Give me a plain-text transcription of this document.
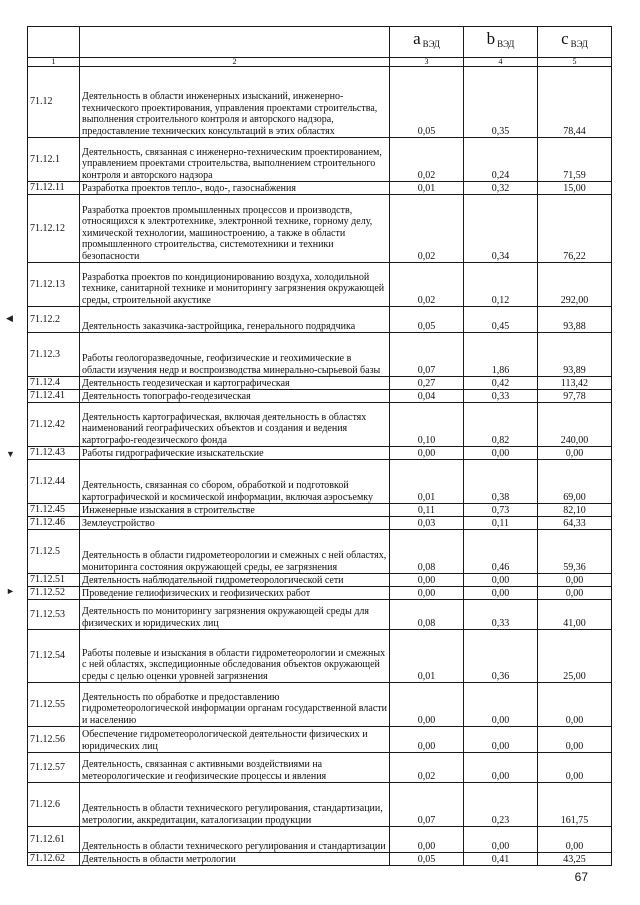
		a $_{ВЭД}$	b $_{ВЭД}$	c $_{ВЭД}$
1	2	3	4	5
71.12	Деятельность в области инженерных изысканий, инженерно-технического проектирования, управления проектами строительства, выполнения строительного контроля и авторского надзора, предоставление технических консультаций в этих областях	0,05	0,35	78,44
71.12.1	Деятельность, связанная с инженерно-техническим проектированием, управлением проектами строительства, выполнением строительного контроля и авторского надзора	0,02	0,24	71,59
71.12.11	Разработка проектов тепло-, водо-, газоснабжения	0,01	0,32	15,00
71.12.12	Разработка проектов промышленных процессов и производств, относящихся к электротехнике, электронной технике, горному делу, химической технологии, машиностроению, а также в области промышленного строительства, системотехники и техники безопасности	0,02	0,34	76,22
71.12.13	Разработка проектов по кондиционированию воздуха, холодильной технике, санитарной технике и мониторингу загрязнения окружающей среды, строительной акустике	0,02	0,12	292,00
71.12.2	Деятельность заказчика-застройщика, генерального подрядчика	0,05	0,45	93,88
71.12.3	Работы геологоразведочные, геофизические и геохимические в области изучения недр и воспроизводства минерально-сырьевой базы	0,07	1,86	93,89
71.12.4	Деятельность геодезическая и картографическая	0,27	0,42	113,42
71.12.41	Деятельность топографо-геодезическая	0,04	0,33	97,78
71.12.42	Деятельность картографическая, включая деятельность в областях наименований географических объектов и создания и ведения картографо-геодезического фонда	0,10	0,82	240,00
71.12.43	Работы гидрографические изыскательские	0,00	0,00	0,00
71.12.44	Деятельность, связанная со сбором, обработкой и подготовкой картографической и космической информации, включая аэросъемку	0,01	0,38	69,00
71.12.45	Инженерные изыскания в строительстве	0,11	0,73	82,10
71.12.46	Землеустройство	0,03	0,11	64,33
71.12.5	Деятельность в области гидрометеорологии и смежных с ней областях, мониторинга состояния окружающей среды, ее загрязнения	0,08	0,46	59,36
71.12.51	Деятельность наблюдательной гидрометеорологической сети	0,00	0,00	0,00
71.12.52	Проведение гелиофизических и геофизических работ	0,00	0,00	0,00
71.12.53	Деятельность по мониторингу загрязнения окружающей среды для физических и юридических лиц	0,08	0,33	41,00
71.12.54	Работы полевые и изыскания в области гидрометеорологии и смежных с ней областях, экспедиционные обследования объектов окружающей среды с целью оценки уровней загрязнения	0,01	0,36	25,00
71.12.55	Деятельность по обработке и предоставлению гидрометеорологической информации органам государственной власти и населению	0,00	0,00	0,00
71.12.56	Обеспечение гидрометеорологической деятельности физических и юридических лиц	0,00	0,00	0,00
71.12.57	Деятельность, связанная с активными воздействиями на метеорологические и геофизические процессы и явления	0,02	0,00	0,00
71.12.6	Деятельность в области технического регулирования, стандартизации, метрологии, аккредитации, каталогизации продукции	0,07	0,23	161,75
71.12.61	Деятельность в области технического регулирования и стандартизации	0,00	0,00	0,00
71.12.62	Деятельность в области метрологии	0,05	0,41	43,25
◀
▼
►
67
